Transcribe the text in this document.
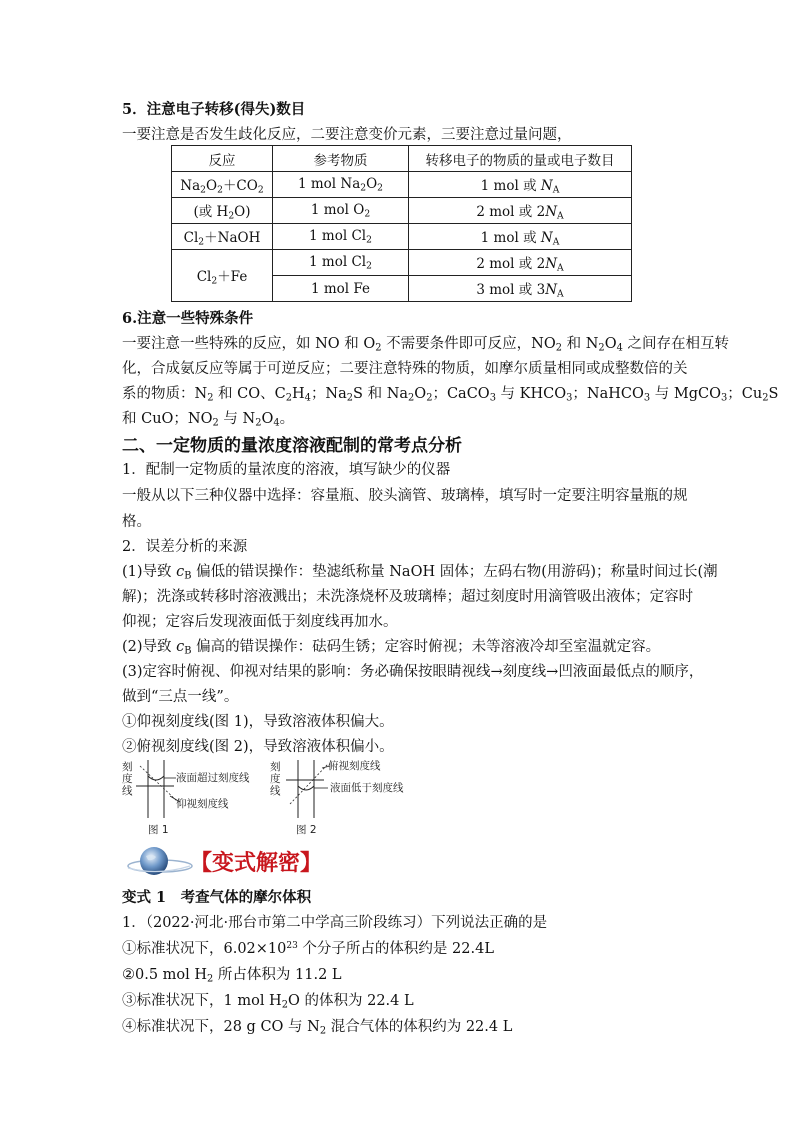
5．注意电子转移(得失)数目
一要注意是否发生歧化反应，二要注意变价元素，三要注意过量问题，
反应	参考物质	转移电子的物质的量或电子数目
$Na_2O_2+CO_2$	1 mol $Na_2O_2$	1 mol 或 $N_A$
(或 $H_2O$)	1 mol $O_2$	2 mol 或 $2N_A$
$Cl_2+NaOH$	1 mol $Cl_2$	1 mol 或 $N_A$
$Cl_2+Fe$	1 mol $Cl_2$	2 mol 或 $2N_A$
	1 mol Fe	3 mol 或 $3N_A$
6.注意一些特殊条件
一要注意一些特殊的反应，如 NO 和 $O_2$ 不需要条件即可反应，$NO_2$ 和 $N_2O_4$ 之间存在相互转
化，合成氨反应等属于可逆反应；二要注意特殊的物质，如摩尔质量相同或成整数倍的关
系的物质：$N_2$ 和 CO、$C_2H_4$；$Na_2S$ 和 $Na_2O_2$；CaCO$_3$ 与 $KHCO_3$；NaHCO$_3$ 与 MgCO$_3$；$Cu_2S$
和 CuO；$NO_2$ 与 $N_2O_4$。
二、一定物质的量浓度溶液配制的常考点分析
1．配制一定物质的量浓度的溶液，填写缺少的仪器
一般从以下三种仪器中选择：容量瓶、胶头滴管、玻璃棒，填写时一定要注明容量瓶的规
格。
2．误差分析的来源
(1)导致 $c_B$ 偏低的错误操作：垫滤纸称量 NaOH 固体；左码右物(用游码)；称量时间过长(潮
解)；洗涤或转移时溶液溅出；未洗涤烧杯及玻璃棒；超过刻度时用滴管吸出液体；定容时
仰视；定容后发现液面低于刻度线再加水。
(2)导致 $c_B$ 偏高的错误操作：砝码生锈；定容时俯视；未等溶液冷却至室温就定容。
(3)定容时俯视、仰视对结果的影响：务必确保按眼睛视线→刻度线→凹液面最低点的顺序，
做到“三点一线”。
①仰视刻度线(图 1)，导致溶液体积偏大。
②俯视刻度线(图 2)，导致溶液体积偏小。
刻
度
线
液面超过刻度线
仰视刻度线
图 1
刻
度
线
俯视刻度线
液面低于刻度线
图 2
【变式解密】
变式 1　考查气体的摩尔体积
1．（2022·河北·邢台市第二中学高三阶段练习）下列说法正确的是
①标准状况下，$6.02\times 10^{23}$ 个分子所占的体积约是 22.4L
②0.5 mol $H_2$ 所占体积为 11.2 L
③标准状况下，1 mol $H_2O$ 的体积为 22.4 L
④标准状况下，28 g CO 与 $N_2$ 混合气体的体积约为 22.4 L
